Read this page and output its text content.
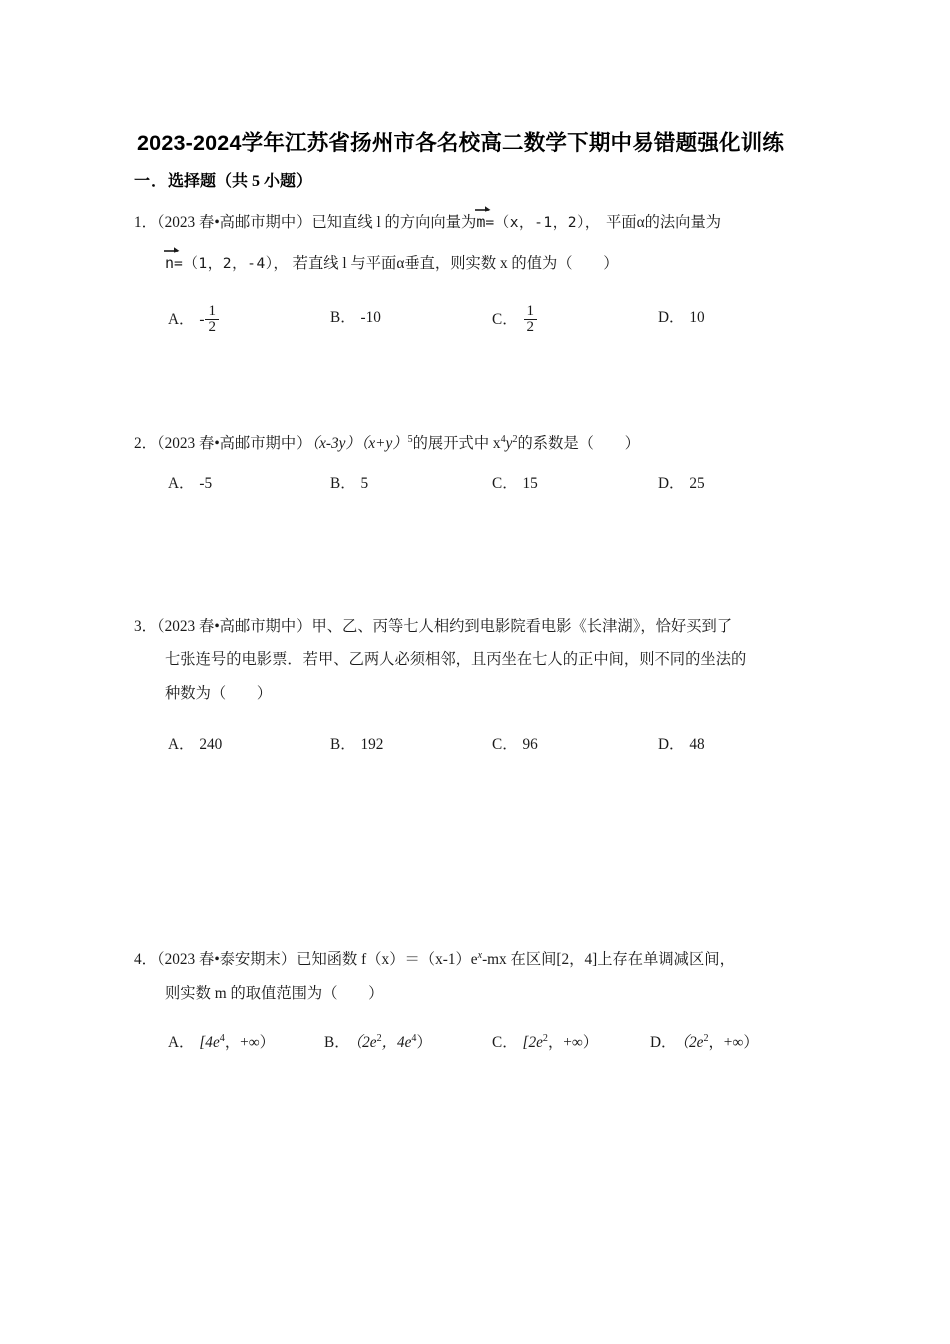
2023-2024学年江苏省扬州市各名校高二数学下期中易错题强化训练
一．选择题（共 5 小题）
1．（2023 春•高邮市期中）已知直线 l 的方向向量为
m=（x，-1，2）， 平面α的法向量为
n=（1，2，-4）， 若直线 l 与平面α垂直，则实数 x 的值为（　　）
A． - $\frac{1}{2}$	B． -10	C． $\frac{1}{2}$	D． 10
2．（2023 春•高邮市期中）$(x-3y)(x+y)^5$的展开式中 $x^4y^2$的系数是（　　）
A． -5	B． 5	C． 15	D． 25
3．（2023 春•高邮市期中）甲、乙、丙等七人相约到电影院看电影《长津湖》，恰好买到了
七张连号的电影票．若甲、乙两人必须相邻，且丙坐在七人的正中间，则不同的坐法的
种数为（　　）
A． 240	B． 192	C． 96	D． 48
4．（2023 春•泰安期末）已知函数 $f(x)=(x-1)e^x-mx$ 在区间[2，4]上存在单调减区间，
则实数 m 的取值范围为（　　）
A． [$4e^4$，+∞）	B． （$2e^2$，$4e^4$）	C． [$2e^2$，+∞）	D． （$2e^2$，+∞）
